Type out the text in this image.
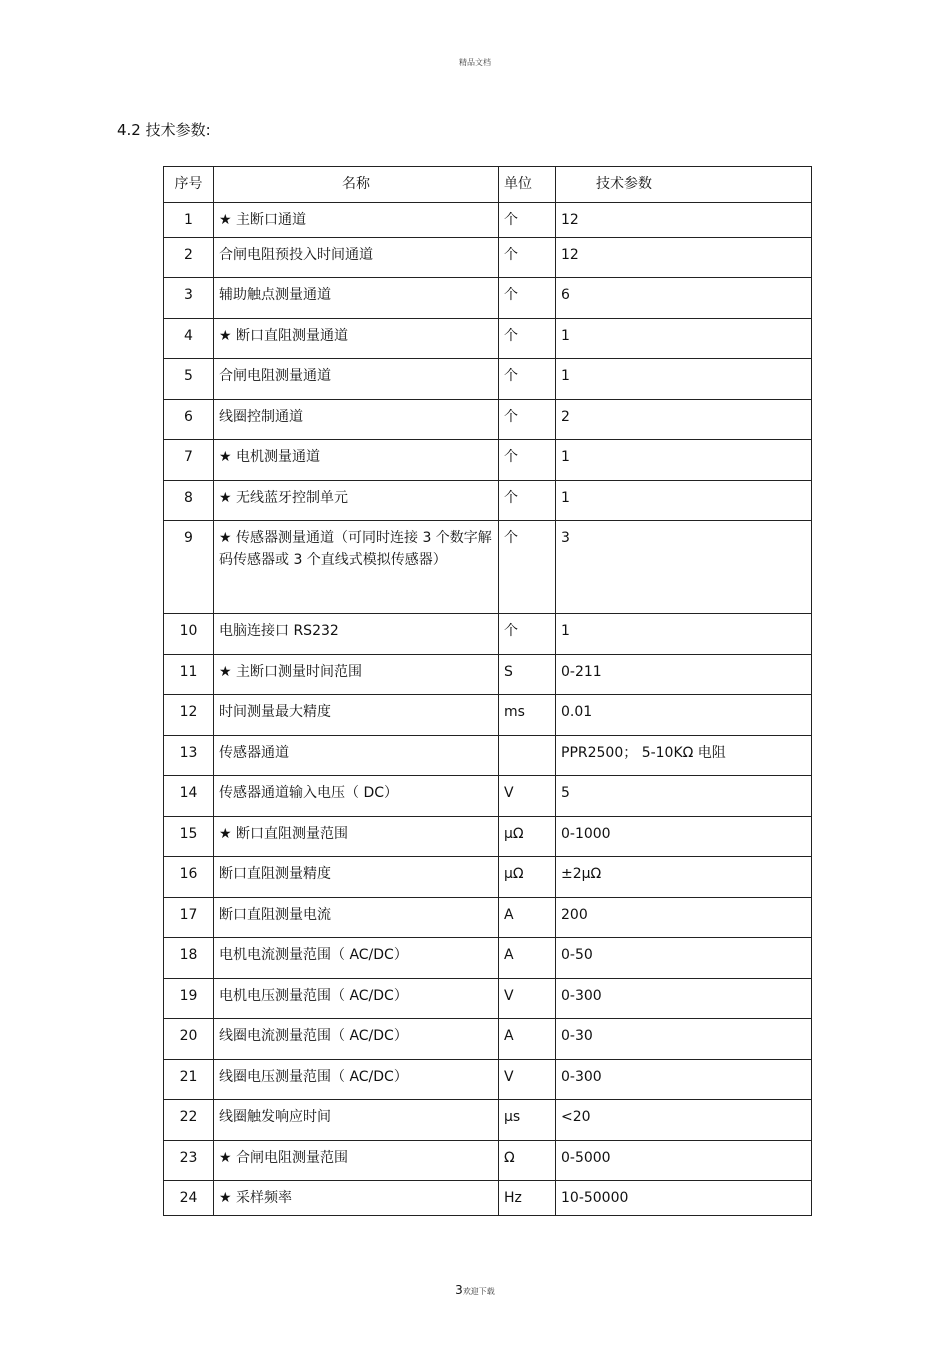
精品文档
4.2 技术参数:
序号	名称	单位	技术参数
1	★ 主断口通道	个	12
2	合闸电阻预投入时间通道	个	12
3	辅助触点测量通道	个	6
4	★ 断口直阻测量通道	个	1
5	合闸电阻测量通道	个	1
6	线圈控制通道	个	2
7	★ 电机测量通道	个	1
8	★ 无线蓝牙控制单元	个	1
9	★ 传感器测量通道（可同时连接 3 个数字解码传感器或 3 个直线式模拟传感器）	个	3
10	电脑连接口 RS232	个	1
11	★ 主断口测量时间范围	S	0-211
12	时间测量最大精度	ms	0.01
13	传感器通道		PPR2500； 5-10KΩ 电阻
14	传感器通道输入电压（ DC）	V	5
15	★ 断口直阻测量范围	μΩ	0-1000
16	断口直阻测量精度	μΩ	±2μΩ
17	断口直阻测量电流	A	200
18	电机电流测量范围（ AC/DC）	A	0-50
19	电机电压测量范围（ AC/DC）	V	0-300
20	线圈电流测量范围（ AC/DC）	A	0-30
21	线圈电压测量范围（ AC/DC）	V	0-300
22	线圈触发响应时间	μs	<20
23	★ 合闸电阻测量范围	Ω	0-5000
24	★ 采样频率	Hz	10-50000
3欢迎下载
